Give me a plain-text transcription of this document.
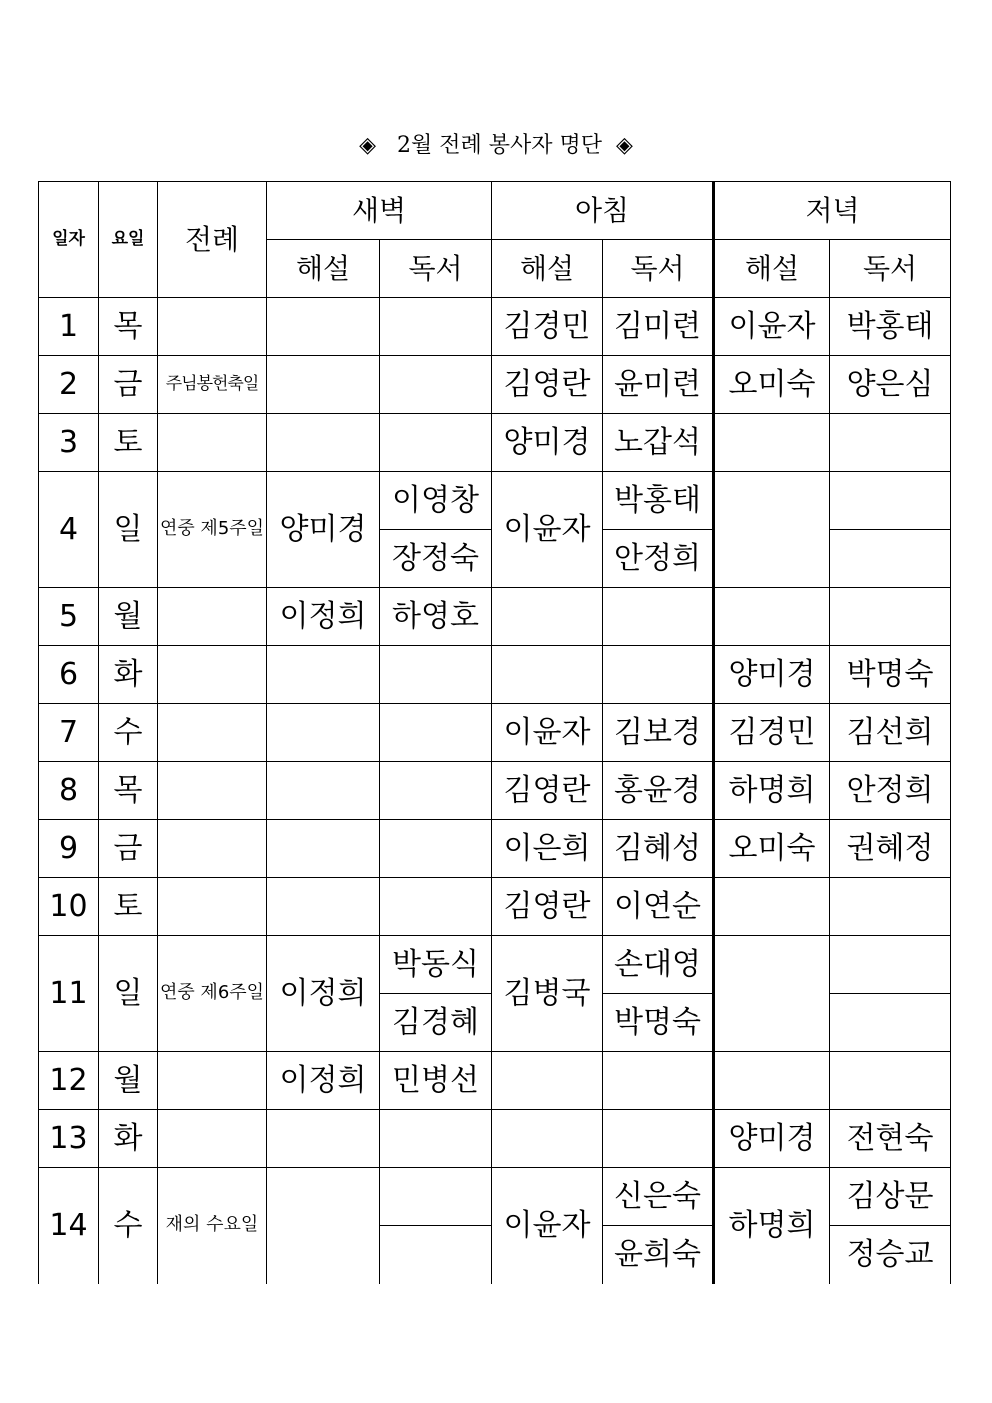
◈   2월 전례 봉사자 명단  ◈
일자	요일	전례	새벽		아침		저녁	
			해설	독서	해설	독서	해설	독서
1	목				김경민	김미련	이윤자	박홍태
2	금	주님봉헌축일			김영란	윤미련	오미숙	양은심
3	토				양미경	노갑석		
4	일	연중 제5주일	양미경	이영창	이윤자	박홍태		
				장정숙		안정희		
5	월		이정희	하영호				
6	화						양미경	박명숙
7	수				이윤자	김보경	김경민	김선희
8	목				김영란	홍윤경	하명희	안정희
9	금				이은희	김혜성	오미숙	권혜정
10	토				김영란	이연순		
11	일	연중 제6주일	이정희	박동식	김병국	손대영		
				김경혜		박명숙		
12	월		이정희	민병선				
13	화						양미경	전현숙
14	수	재의 수요일			이윤자	신은숙	하명희	김상문
						윤희숙		정승교
